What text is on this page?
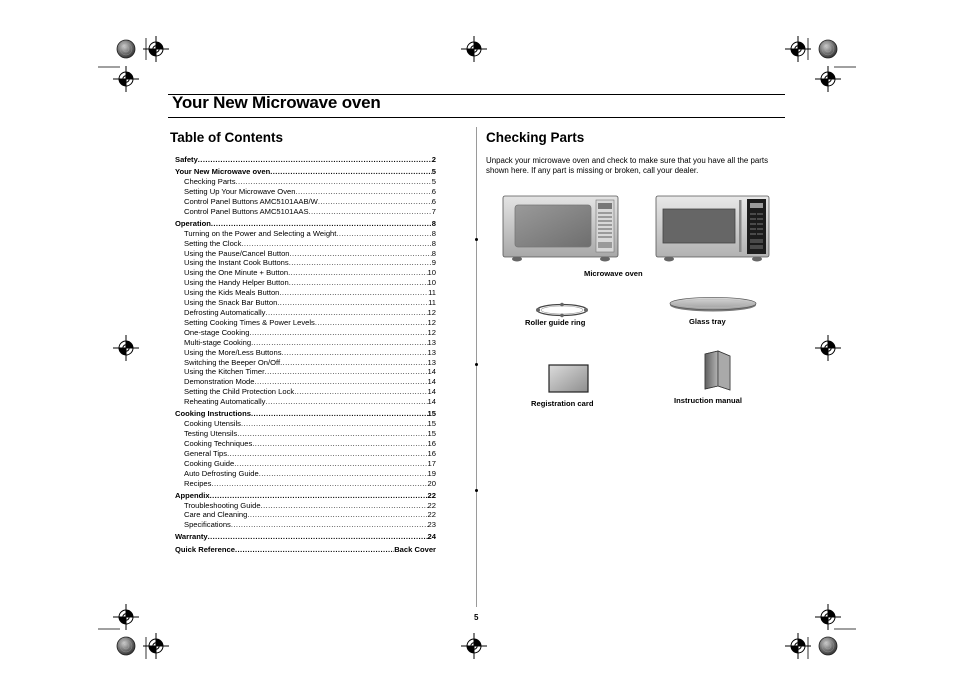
Your New Microwave oven
Table of Contents
Safety .....	2
Your New Microwave oven .....	5
Checking Parts .....	5
Setting Up Your Microwave Oven .....	6
Control Panel Buttons AMC5101AAB/W .....	6
Control Panel Buttons AMC5101AAS .....	7
Operation .....	8
Turning on the Power and Selecting a Weight .....	8
Setting the Clock .....	8
Using the Pause/Cancel Button .....	8
Using the Instant Cook Buttons .....	9
Using the One Minute + Button .....	10
Using the Handy Helper Button .....	10
Using the Kids Meals Button .....	11
Using the Snack Bar Button .....	11
Defrosting Automatically .....	12
Setting Cooking Times & Power Levels .....	12
One-stage Cooking .....	12
Multi-stage Cooking .....	13
Using the More/Less Buttons .....	13
Switching the Beeper On/Off .....	13
Using the Kitchen Timer .....	14
Demonstration Mode .....	14
Setting the Child Protection Lock .....	14
Reheating Automatically .....	14
Cooking Instructions .....	15
Cooking Utensils .....	15
Testing Utensils .....	15
Cooking Techniques .....	16
General Tips .....	16
Cooking Guide .....	17
Auto Defrosting Guide .....	19
Recipes .....	20
Appendix .....	22
Troubleshooting Guide .....	22
Care and Cleaning .....	22
Specifications .....	23
Warranty .....	24
Quick Reference .....	Back Cover
Checking Parts
Unpack your microwave oven and check to make sure that you have all the parts shown here. If any part is missing or broken, call your dealer.
Microwave oven
Roller guide ring	Glass tray
Registration card	Instruction manual
5
